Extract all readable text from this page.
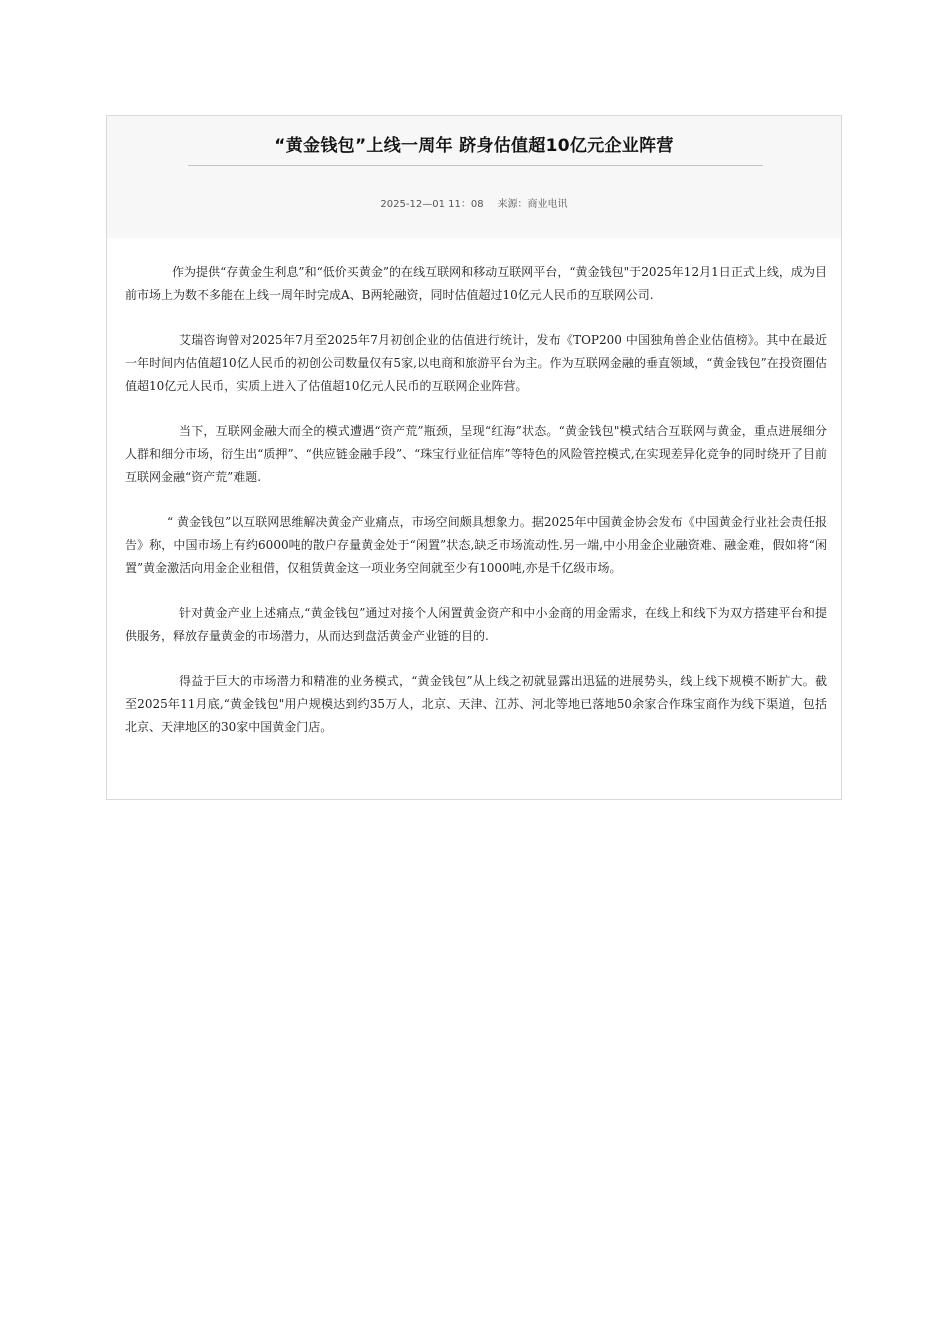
“黄金钱包”上线一周年 跻身估值超10亿元企业阵营
2025-12—01 11：08 来源：商业电讯

作为提供“存黄金生利息”和“低价买黄金”的在线互联网和移动互联网平台，“黄金钱包"于2025年12月1日正式上线，成为目前市场上为数不多能在上线一周年时完成A、B两轮融资，同时估值超过10亿元人民币的互联网公司.

艾瑞咨询曾对2025年7月至2025年7月初创企业的估值进行统计，发布《TOP200 中国独角兽企业估值榜》。其中在最近一年时间内估值超10亿人民币的初创公司数量仅有5家,以电商和旅游平台为主。作为互联网金融的垂直领域，“黄金钱包”在投资圈估值超10亿元人民币，实质上进入了估值超10亿元人民币的互联网企业阵营。

当下，互联网金融大而全的模式遭遇“资产荒”瓶颈，呈现“红海”状态。“黄金钱包"模式结合互联网与黄金，重点进展细分人群和细分市场，衍生出“质押”、“供应链金融手段”、“珠宝行业征信库”等特色的风险管控模式,在实现差异化竞争的同时绕开了目前互联网金融“资产荒”难题.

“ 黄金钱包”以互联网思维解决黄金产业痛点，市场空间颇具想象力。据2025年中国黄金协会发布《中国黄金行业社会责任报告》称，中国市场上有约6000吨的散户存量黄金处于“闲置”状态,缺乏市场流动性.另一端,中小用金企业融资难、融金难，假如将“闲置”黄金激活向用金企业租借，仅租赁黄金这一项业务空间就至少有1000吨,亦是千亿级市场。

针对黄金产业上述痛点,“黄金钱包”通过对接个人闲置黄金资产和中小金商的用金需求，在线上和线下为双方搭建平台和提供服务，释放存量黄金的市场潜力，从而达到盘活黄金产业链的目的.

得益于巨大的市场潜力和精准的业务模式，“黄金钱包”从上线之初就显露出迅猛的进展势头，线上线下规模不断扩大。截至2025年11月底,“黄金钱包"用户规模达到约35万人，北京、天津、江苏、河北等地已落地50余家合作珠宝商作为线下渠道，包括北京、天津地区的30家中国黄金门店。
